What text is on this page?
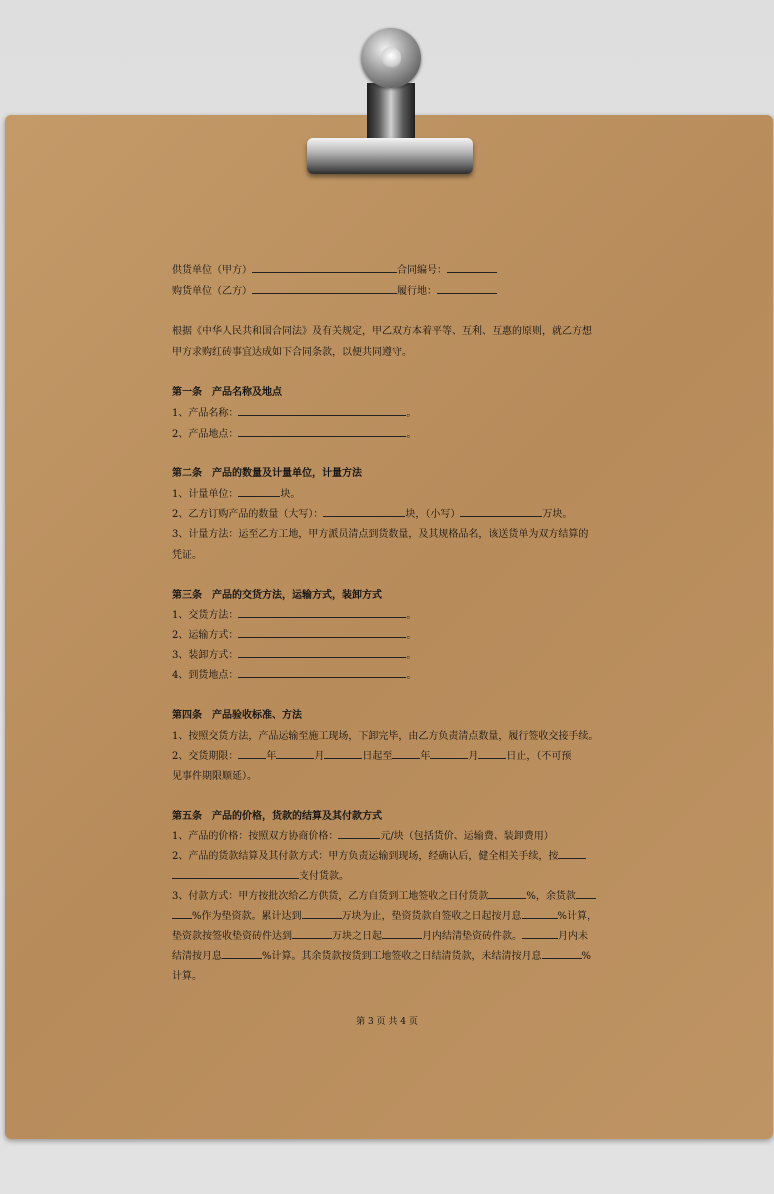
供货单位（甲方）	合同编号：
购货单位（乙方）	履行地：
根据《中华人民共和国合同法》及有关规定，甲乙双方本着平等、互利、互惠的原则，就乙方想
甲方求购红砖事宜达成如下合同条款，以便共同遵守。
第一条　产品名称及地点
1、产品名称：	。
2、产品地点：	。
第二条　产品的数量及计量单位，计量方法
1、计量单位：	块。
2、乙方订购产品的数量（大写）：	块，（小写）	万块。
3、计量方法：运至乙方工地，甲方派员清点到货数量，及其规格品名，该送货单为双方结算的
凭证。
第三条　产品的交货方法，运输方式，装卸方式
1、交货方法：	。
2、运输方式：	。
3、装卸方式：	。
4、到货地点：	。
第四条　产品验收标准、方法
1、按照交货方法，产品运输至施工现场，下卸完毕，由乙方负责清点数量，履行签收交接手续。
2、交货期限：	年	月	日起至	年	月	日止，（不可预
见事件期限顺延）。
第五条　产品的价格，货款的结算及其付款方式
1、产品的价格：按照双方协商价格：	元/块（包括货价、运输费、装卸费用）
2、产品的货款结算及其付款方式：甲方负责运输到现场，经确认后，健全相关手续，按
支付货款。
3、付款方式：甲方按批次给乙方供货，乙方自货到工地签收之日付货款	%，余货款
%作为垫资款。累计达到	万块为止，垫资货款自签收之日起按月息	%计算，
垫资款按签收垫资砖件达到	万块之日起	月内结清垫资砖件款。	月内未
结清按月息	%计算。其余货款按货到工地签收之日结清货款，未结清按月息	%
计算。
第 3 页 共 4 页
